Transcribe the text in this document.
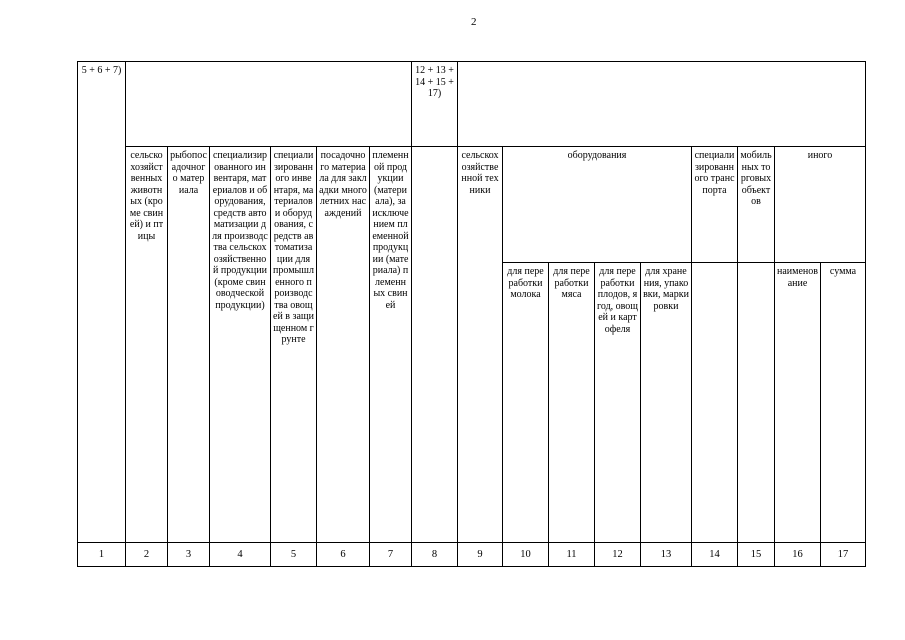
2
5 + 6 + 7)							12 + 13 + 14 + 15 + 17)									
	сельскохозяйственных животных (кроме свиней) и птицы	рыбопосадочного материала	специализированного инвентаря, материалов и оборудования, средств автоматизации для производства сельскохозяйственной продукции (кроме свиноводческой продукции)	специализированного инвентаря, материалов и оборудования, средств автоматизации для промышленного производства овощей в защищенном грунте	посадочного материала для закладки многолетних насаждений	племенной продукции (материала), за исключением племенной продукции (материала) племенных свиней		сельскохозяйственной техники	оборудования				специализированного транспорта	мобильных торговых объектов	иного	
									для переработки молока	для переработки мяса	для переработки плодов, ягод, овощей и картофеля	для хранения, упаковки, маркировки			наименование	сумма
1	2	3	4	5	6	7	8	9	10	11	12	13	14	15	16	17
